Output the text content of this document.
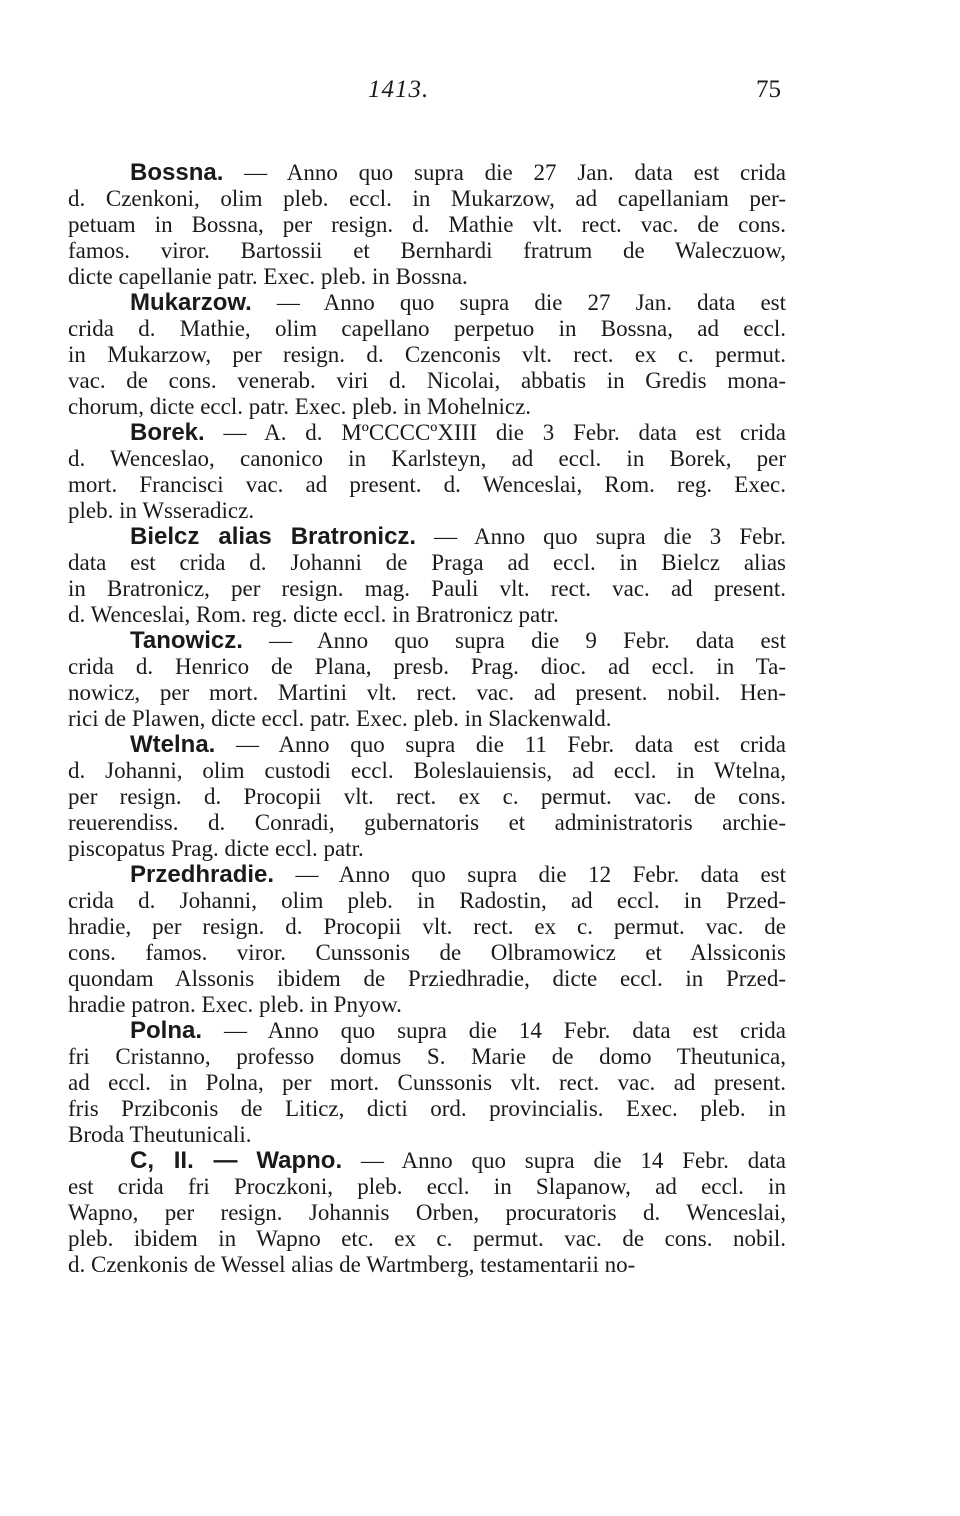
1413.	75
Bossna. — Anno quo supra die 27 Jan. data est crida
d. Czenkoni, olim pleb. eccl. in Mukarzow, ad capellaniam per-
petuam in Bossna, per resign. d. Mathie vlt. rect. vac. de cons.
famos. viror. Bartossii et Bernhardi fratrum de Waleczuow,
dicte capellanie patr. Exec. pleb. in Bossna.
Mukarzow. — Anno quo supra die 27 Jan. data est
crida d. Mathie, olim capellano perpetuo in Bossna, ad eccl.
in Mukarzow, per resign. d. Czenconis vlt. rect. ex c. permut.
vac. de cons. venerab. viri d. Nicolai, abbatis in Gredis mona-
chorum, dicte eccl. patr. Exec. pleb. in Mohelnicz.
Borek. — A. d. MºCCCCºXIII die 3 Febr. data est crida
d. Wenceslao, canonico in Karlsteyn, ad eccl. in Borek, per
mort. Francisci vac. ad present. d. Wenceslai, Rom. reg. Exec.
pleb. in Wsseradicz.
Bielcz alias Bratronicz. — Anno quo supra die 3 Febr.
data est crida d. Johanni de Praga ad eccl. in Bielcz alias
in Bratronicz, per resign. mag. Pauli vlt. rect. vac. ad present.
d. Wenceslai, Rom. reg. dicte eccl. in Bratronicz patr.
Tanowicz. — Anno quo supra die 9 Febr. data est
crida d. Henrico de Plana, presb. Prag. dioc. ad eccl. in Ta-
nowicz, per mort. Martini vlt. rect. vac. ad present. nobil. Hen-
rici de Plawen, dicte eccl. patr. Exec. pleb. in Slackenwald.
Wtelna. — Anno quo supra die 11 Febr. data est crida
d. Johanni, olim custodi eccl. Boleslauiensis, ad eccl. in Wtelna,
per resign. d. Procopii vlt. rect. ex c. permut. vac. de cons.
reuerendiss. d. Conradi, gubernatoris et administratoris archie-
piscopatus Prag. dicte eccl. patr.
Przedhradie. — Anno quo supra die 12 Febr. data est
crida d. Johanni, olim pleb. in Radostin, ad eccl. in Przed-
hradie, per resign. d. Procopii vlt. rect. ex c. permut. vac. de
cons. famos. viror. Cunssonis de Olbramowicz et Alssiconis
quondam Alssonis ibidem de Prziedhradie, dicte eccl. in Przed-
hradie patron. Exec. pleb. in Pnyow.
Polna. — Anno quo supra die 14 Febr. data est crida
fri Cristanno, professo domus S. Marie de domo Theutunica,
ad eccl. in Polna, per mort. Cunssonis vlt. rect. vac. ad present.
fris Przibconis de Liticz, dicti ord. provincialis. Exec. pleb. in
Broda Theutunicali.
C, II. — Wapno. — Anno quo supra die 14 Febr. data
est crida fri Proczkoni, pleb. eccl. in Slapanow, ad eccl. in
Wapno, per resign. Johannis Orben, procuratoris d. Wenceslai,
pleb. ibidem in Wapno etc. ex c. permut. vac. de cons. nobil.
d. Czenkonis de Wessel alias de Wartmberg, testamentarii no-
